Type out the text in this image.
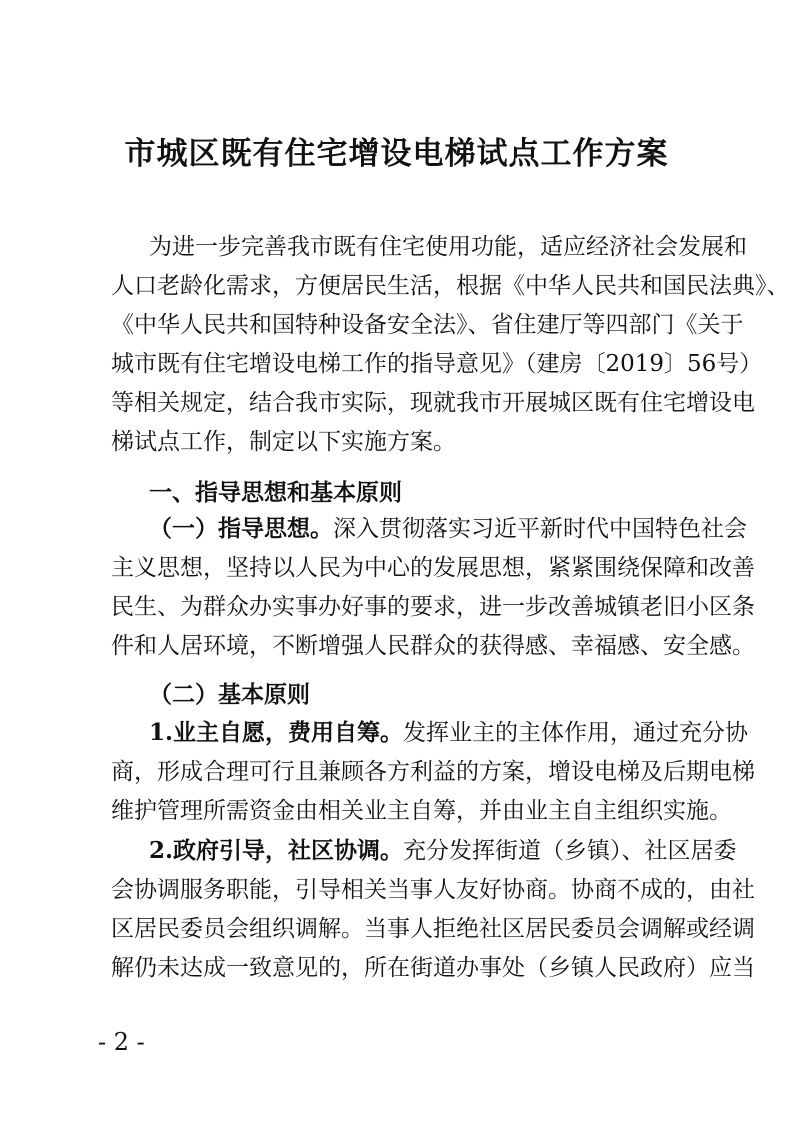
市城区既有住宅增设电梯试点工作方案
为进一步完善我市既有住宅使用功能，适应经济社会发展和
人口老龄化需求，方便居民生活，根据《中华人民共和国民法典》、
《中华人民共和国特种设备安全法》、省住建厅等四部门《关于
城市既有住宅增设电梯工作的指导意见》（建房〔2019〕56号）
等相关规定，结合我市实际，现就我市开展城区既有住宅增设电
梯试点工作，制定以下实施方案。
一、指导思想和基本原则
（一）指导思想。深入贯彻落实习近平新时代中国特色社会
主义思想，坚持以人民为中心的发展思想，紧紧围绕保障和改善
民生、为群众办实事办好事的要求，进一步改善城镇老旧小区条
件和人居环境，不断增强人民群众的获得感、幸福感、安全感。
（二）基本原则
1.业主自愿，费用自筹。发挥业主的主体作用，通过充分协
商，形成合理可行且兼顾各方利益的方案，增设电梯及后期电梯
维护管理所需资金由相关业主自筹，并由业主自主组织实施。
2.政府引导，社区协调。充分发挥街道（乡镇）、社区居委
会协调服务职能，引导相关当事人友好协商。协商不成的，由社
区居民委员会组织调解。当事人拒绝社区居民委员会调解或经调
解仍未达成一致意见的，所在街道办事处（乡镇人民政府）应当
- 2 -
